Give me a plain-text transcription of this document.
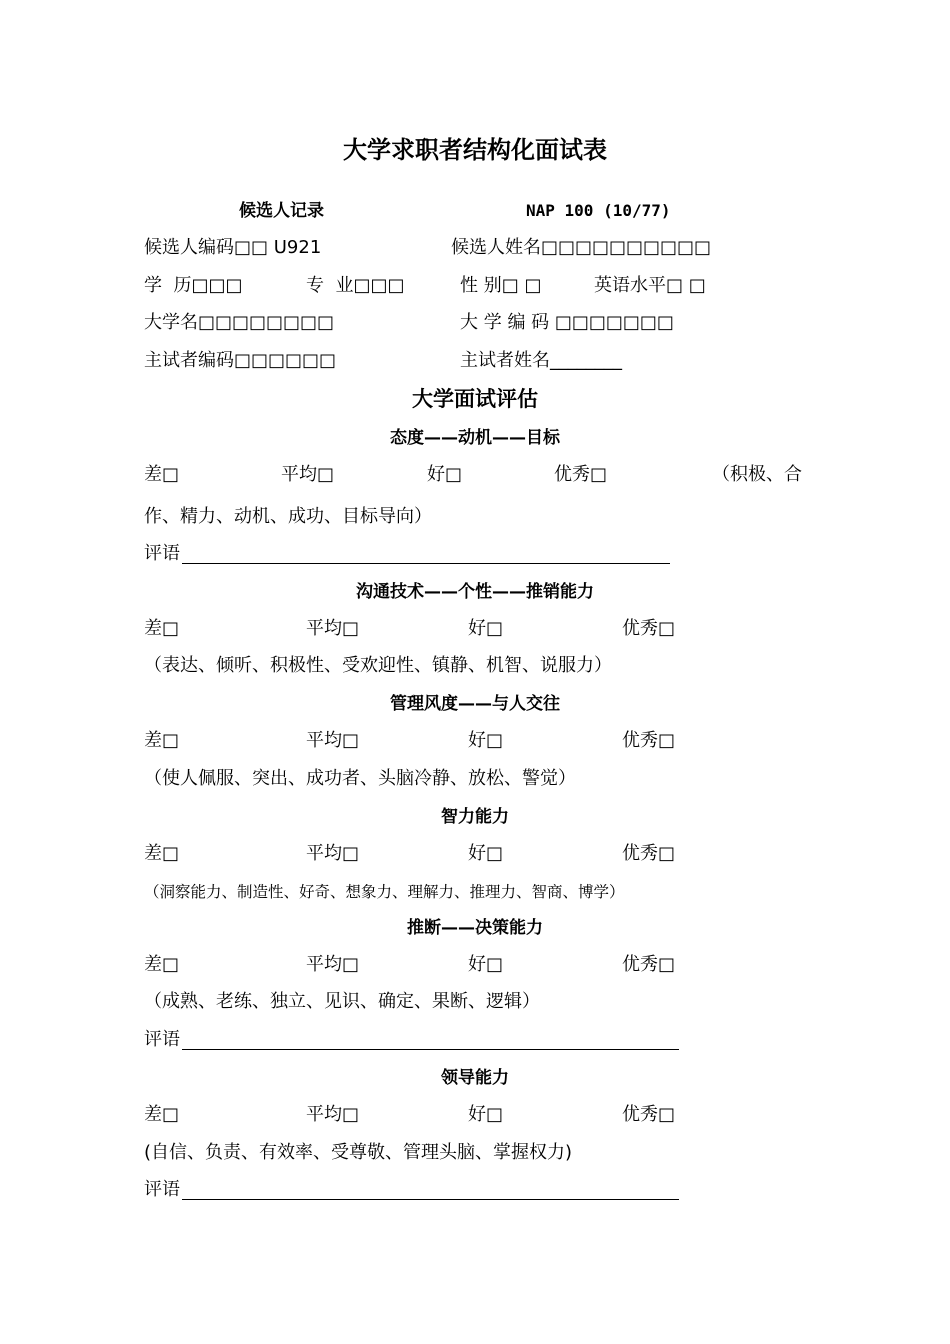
大学求职者结构化面试表
候选人记录	NAP 100 (10/77)
候选人编码□□ U921	候选人姓名□□□□□□□□□□
学  历□□□	专  业□□□	性 别□ □	英语水平□ □
大学名□□□□□□□□	大 学 编 码 □□□□□□□
主试者编码□□□□□□	主试者姓名________
大学面试评估
态度——动机——目标
差□	平均□	好□	优秀□	（积极、合
作、精力、动机、成功、目标导向）
评语
沟通技术——个性——推销能力
差□	平均□	好□	优秀□
（表达、倾听、积极性、受欢迎性、镇静、机智、说服力）
管理风度——与人交往
差□	平均□	好□	优秀□
（使人佩服、突出、成功者、头脑冷静、放松、警觉）
智力能力
差□	平均□	好□	优秀□
（洞察能力、制造性、好奇、想象力、理解力、推理力、智商、博学）
推断——决策能力
差□	平均□	好□	优秀□
（成熟、老练、独立、见识、确定、果断、逻辑）
评语
领导能力
差□	平均□	好□	优秀□
(自信、负责、有效率、受尊敬、管理头脑、掌握权力)
评语
